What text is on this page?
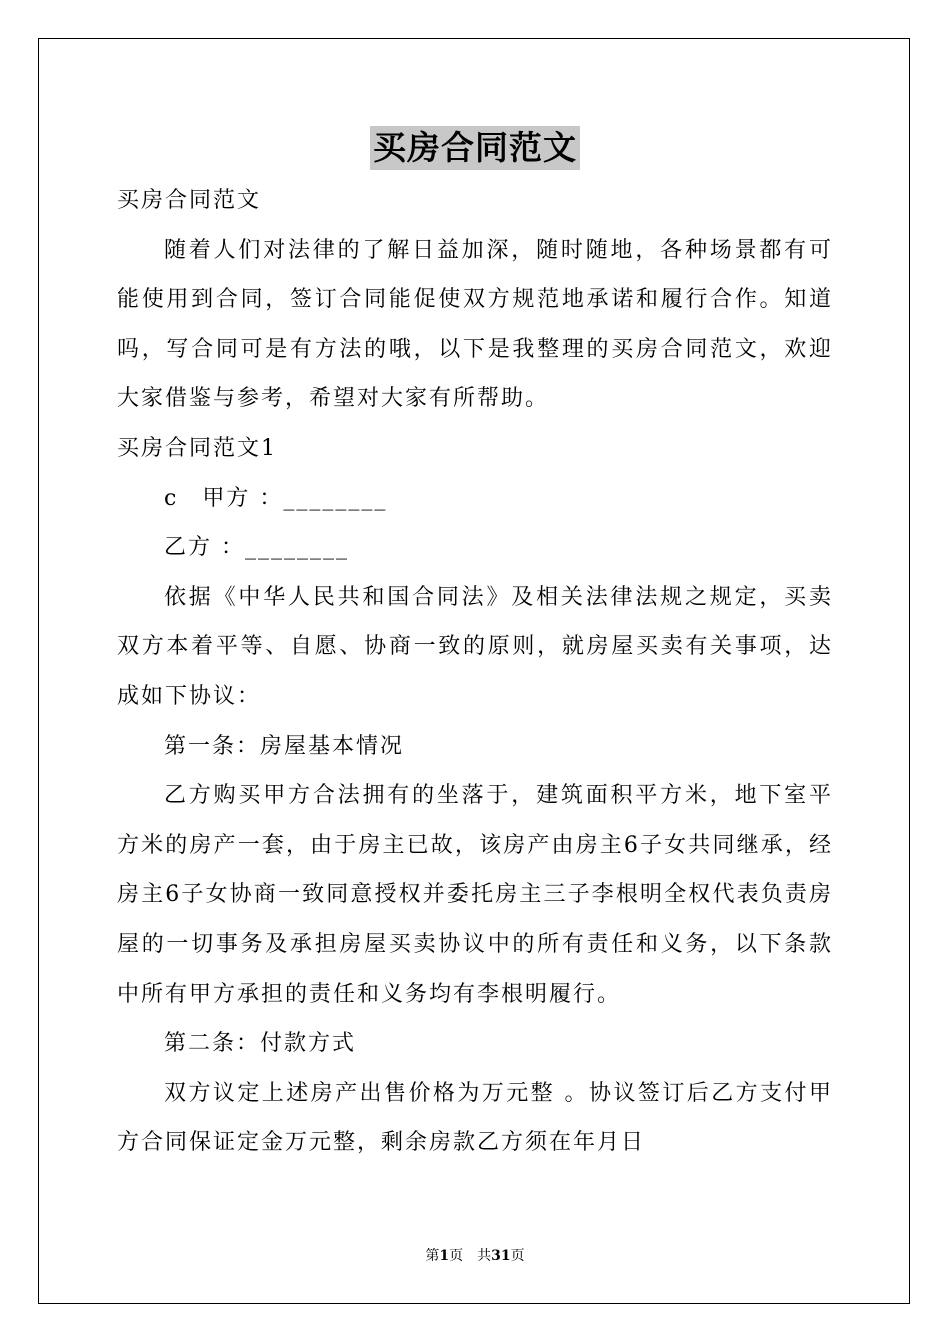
买房合同范文

买房合同范文

随着人们对法律的了解日益加深，随时随地，各种场景都有可能使用到合同，签订合同能促使双方规范地承诺和履行合作。知道吗，写合同可是有方法的哦，以下是我整理的买房合同范文，欢迎大家借鉴与参考，希望对大家有所帮助。

买房合同范文1

c　甲方 ：________

乙方 ：________

依据《中华人民共和国合同法》及相关法律法规之规定，买卖双方本着平等、自愿、协商一致的原则，就房屋买卖有关事项，达成如下协议：

第一条：房屋基本情况

乙方购买甲方合法拥有的坐落于，建筑面积平方米，地下室平方米的房产一套，由于房主已故，该房产由房主6子女共同继承，经房主6子女协商一致同意授权并委托房主三子李根明全权代表负责房屋的一切事务及承担房屋买卖协议中的所有责任和义务，以下条款中所有甲方承担的责任和义务均有李根明履行。

第二条：付款方式

双方议定上述房产出售价格为万元整 。协议签订后乙方支付甲方合同保证定金万元整，剩余房款乙方须在年月日

第1页　共31页
